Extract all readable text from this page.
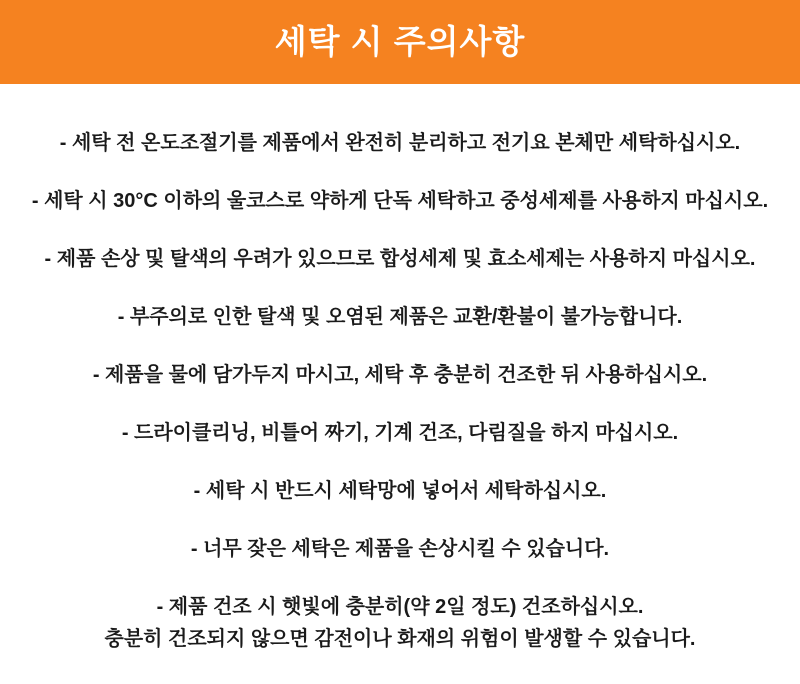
세탁 시 주의사항

- 세탁 전 온도조절기를 제품에서 완전히 분리하고 전기요 본체만 세탁하십시오.

- 세탁 시 30°C 이하의 울코스로 약하게 단독 세탁하고 중성세제를 사용하지 마십시오.

- 제품 손상 및 탈색의 우려가 있으므로 합성세제 및 효소세제는 사용하지 마십시오.

- 부주의로 인한 탈색 및 오염된 제품은 교환/환불이 불가능합니다.

- 제품을 물에 담가두지 마시고, 세탁 후 충분히 건조한 뒤 사용하십시오.

- 드라이클리닝, 비틀어 짜기, 기계 건조, 다림질을 하지 마십시오.

- 세탁 시 반드시 세탁망에 넣어서 세탁하십시오.

- 너무 잦은 세탁은 제품을 손상시킬 수 있습니다.

- 제품 건조 시 햇빛에 충분히(약 2일 정도) 건조하십시오.
충분히 건조되지 않으면 감전이나 화재의 위험이 발생할 수 있습니다.
